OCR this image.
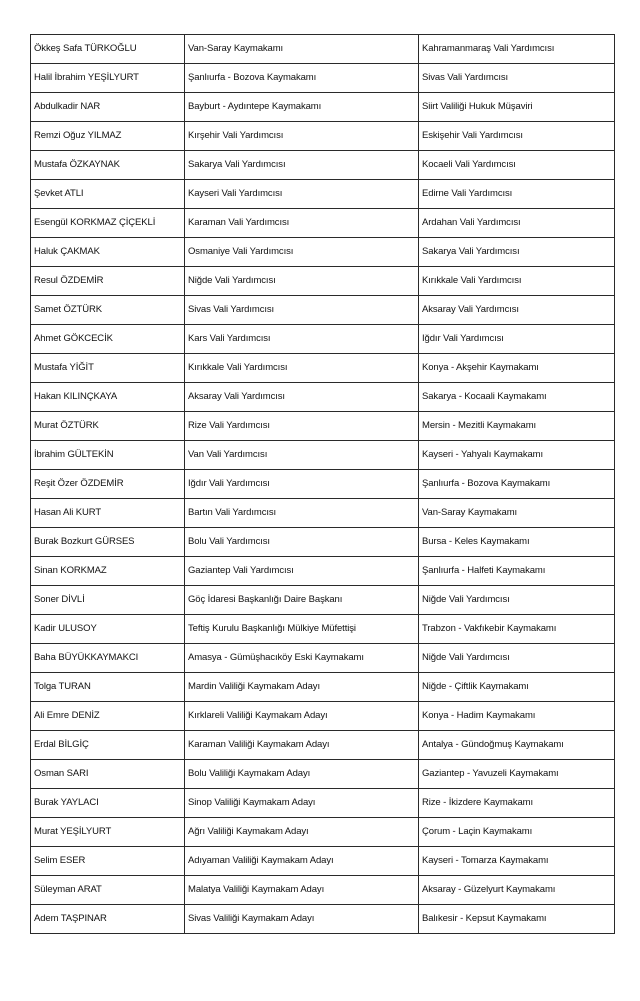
Ökkeş Safa TÜRKOĞLU	Van-Saray Kaymakamı	Kahramanmaraş Vali Yardımcısı
Halil İbrahim YEŞİLYURT	Şanlıurfa - Bozova Kaymakamı	Sivas Vali Yardımcısı
Abdulkadir NAR	Bayburt - Aydıntepe Kaymakamı	Siirt Valiliği Hukuk Müşaviri
Remzi Oğuz YILMAZ	Kırşehir Vali Yardımcısı	Eskişehir Vali Yardımcısı
Mustafa ÖZKAYNAK	Sakarya Vali Yardımcısı	Kocaeli Vali Yardımcısı
Şevket ATLI	Kayseri Vali Yardımcısı	Edirne Vali Yardımcısı
Esengül KORKMAZ ÇİÇEKLİ	Karaman Vali Yardımcısı	Ardahan Vali Yardımcısı
Haluk ÇAKMAK	Osmaniye Vali Yardımcısı	Sakarya Vali Yardımcısı
Resul ÖZDEMİR	Niğde Vali Yardımcısı	Kırıkkale Vali Yardımcısı
Samet ÖZTÜRK	Sivas Vali Yardımcısı	Aksaray Vali Yardımcısı
Ahmet GÖKCECİK	Kars Vali Yardımcısı	Iğdır Vali Yardımcısı
Mustafa YİĞİT	Kırıkkale Vali Yardımcısı	Konya - Akşehir Kaymakamı
Hakan KILINÇKAYA	Aksaray Vali Yardımcısı	Sakarya - Kocaali Kaymakamı
Murat ÖZTÜRK	Rize Vali Yardımcısı	Mersin - Mezitli Kaymakamı
İbrahim GÜLTEKİN	Van Vali Yardımcısı	Kayseri - Yahyalı Kaymakamı
Reşit Özer ÖZDEMİR	Iğdır Vali Yardımcısı	Şanlıurfa - Bozova Kaymakamı
Hasan Ali KURT	Bartın Vali Yardımcısı	Van-Saray Kaymakamı
Burak Bozkurt GÜRSES	Bolu Vali Yardımcısı	Bursa - Keles Kaymakamı
Sinan KORKMAZ	Gaziantep Vali Yardımcısı	Şanlıurfa - Halfeti Kaymakamı
Soner DİVLİ	Göç İdaresi Başkanlığı Daire Başkanı	Niğde Vali Yardımcısı
Kadir ULUSOY	Teftiş Kurulu Başkanlığı Mülkiye Müfettişi	Trabzon - Vakfıkebir Kaymakamı
Baha BÜYÜKKAYMAKCI	Amasya - Gümüşhacıköy Eski Kaymakamı	Niğde Vali Yardımcısı
Tolga TURAN	Mardin Valiliği Kaymakam Adayı	Niğde - Çiftlik Kaymakamı
Ali Emre DENİZ	Kırklareli Valiliği Kaymakam Adayı	Konya - Hadim Kaymakamı
Erdal BİLGİÇ	Karaman Valiliği Kaymakam Adayı	Antalya - Gündoğmuş Kaymakamı
Osman SARI	Bolu Valiliği Kaymakam Adayı	Gaziantep - Yavuzeli Kaymakamı
Burak YAYLACI	Sinop Valiliği Kaymakam Adayı	Rize - İkizdere Kaymakamı
Murat YEŞİLYURT	Ağrı Valiliği Kaymakam Adayı	Çorum - Laçin Kaymakamı
Selim ESER	Adıyaman Valiliği Kaymakam Adayı	Kayseri - Tomarza Kaymakamı
Süleyman ARAT	Malatya Valiliği Kaymakam Adayı	Aksaray - Güzelyurt Kaymakamı
Adem TAŞPINAR	Sivas Valiliği Kaymakam Adayı	Balıkesir - Kepsut Kaymakamı
